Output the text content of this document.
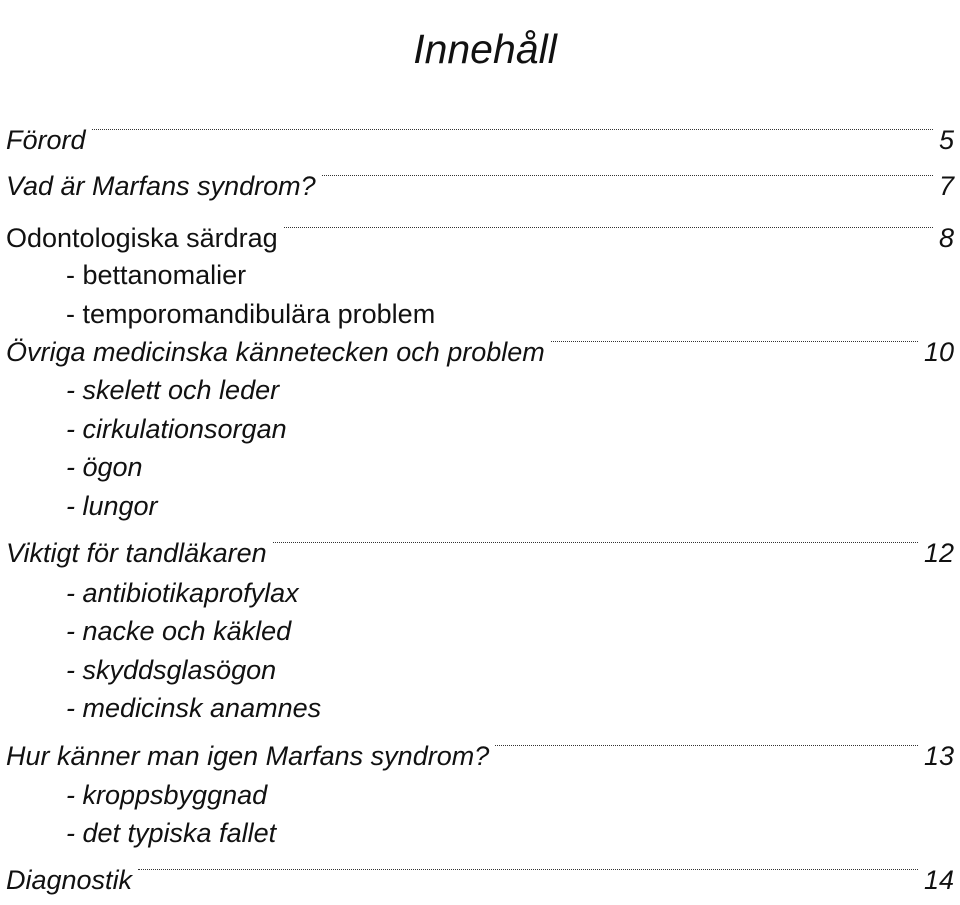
Innehåll
Förord	5
Vad är Marfans syndrom?	7
Odontologiska särdrag	8
- bettanomalier
- temporomandibulära problem
Övriga medicinska kännetecken och problem	10
- skelett och leder
- cirkulationsorgan
- ögon
- lungor
Viktigt för tandläkaren	12
- antibiotikaprofylax
- nacke och käkled
- skyddsglasögon
- medicinsk anamnes
Hur känner man igen Marfans syndrom?	13
- kroppsbyggnad
- det typiska fallet
Diagnostik	14
